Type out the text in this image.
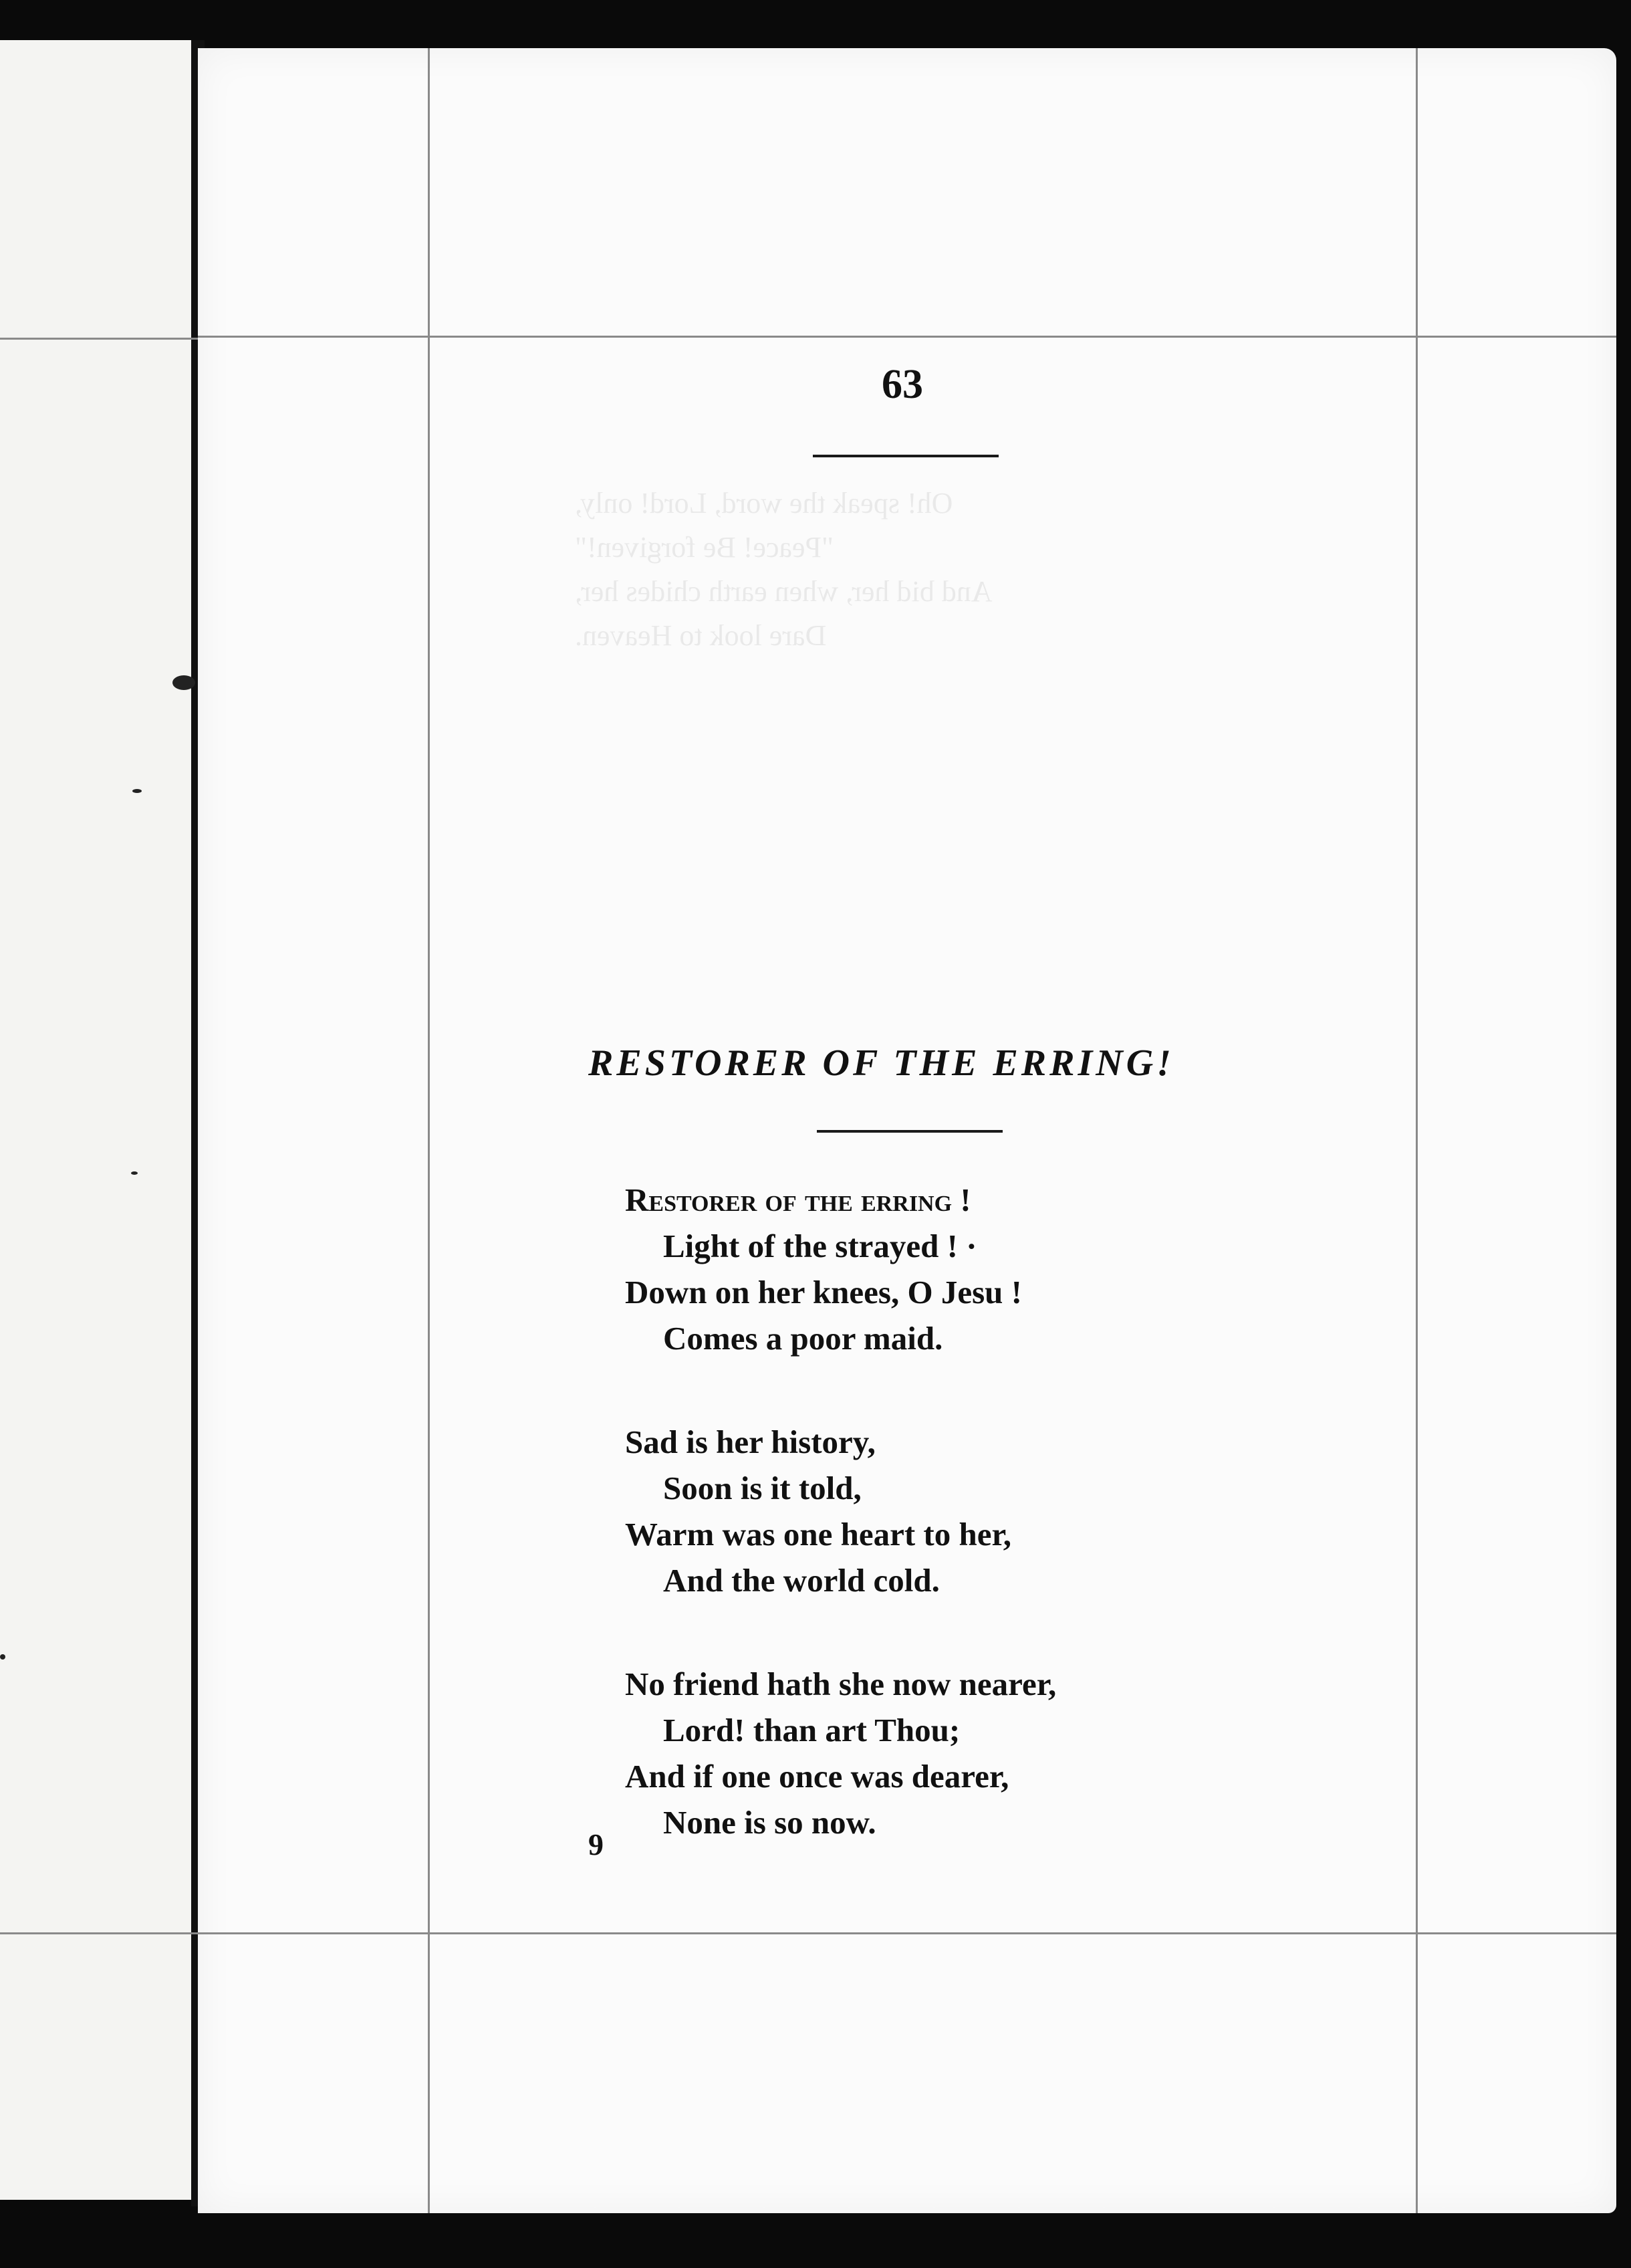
Oh! speak the word, Lord! only,
"Peace! Be forgiven!"
And bid her, when earth chides her,
Dare look to Heaven.
63
RESTORER OF THE ERRING!
Restorer of the erring !
Light of the strayed ! ·
Down on her knees, O Jesu !
Comes a poor maid.
Sad is her history,
Soon is it told,
Warm was one heart to her,
And the world cold.
No friend hath she now nearer,
Lord! than art Thou;
And if one once was dearer,
None is so now.
9
